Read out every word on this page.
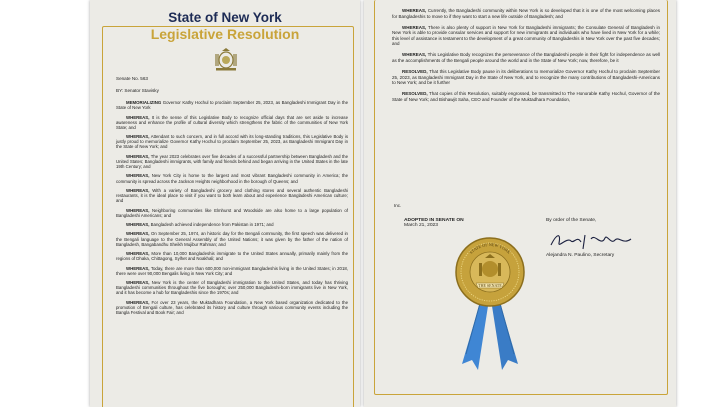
State of New York
Legislative Resolution
Senate No. 563
BY: Senator Stavisky

MEMORIALIZING Governor Kathy Hochul to proclaim September 25, 2023, as Bangladeshi Immigrant Day in the State of New York

WHEREAS, It is the sense of this Legislative Body to recognize official days that are set aside to increase awareness and enhance the profile of cultural diversity which strengthens the fabric of the communities of New York State; and

WHEREAS, Attendant to such concern, and in full accord with its long-standing traditions, this Legislative Body is justly proud to memorialize Governor Kathy Hochul to proclaim September 25, 2023, as Bangladeshi Immigrant Day in the State of New York; and

WHEREAS, The year 2023 celebrates over five decades of a successful partnership between Bangladesh and the United States; Bangladeshi immigrants, with family and friends behind and began arriving in the United States in the late 19th Century; and

WHEREAS, New York City is home to the largest and most vibrant Bangladeshi community in America; the community is spread across the Jackson Heights neighborhood in the borough of Queens; and

WHEREAS, With a variety of Bangladeshi grocery and clothing stores and several authentic Bangladeshi restaurants, it is the ideal place to visit if you want to both learn about and experience Bangladeshi American culture; and

WHEREAS, Neighboring communities like Elmhurst and Woodside are also home to a large population of Bangladeshi Americans; and

WHEREAS, Bangladesh achieved independence from Pakistan in 1971; and

WHEREAS, On September 25, 1974, an historic day for the Bengali community, the first speech was delivered in the Bengali language to the General Assembly of the United Nations; it was given by the father of the nation of Bangladesh, Bangabandhu Sheikh Mujibur Rahman; and

WHEREAS, More than 10,000 Bangladeshis immigrate to the United States annually, primarily mainly from the regions of Dhaka, Chittagong, Sylhet and Noakhali; and

WHEREAS, Today, there are more than 600,000 non-immigrant Bangladeshis living in the United States; in 2018, there were over 90,000 Bengalis living in New York City; and

WHEREAS, New York is the center of Bangladeshi immigration to the United States, and today has thriving Bangladeshi communities throughout the five boroughs; over 250,000 Bangladeshi-born immigrants live in New York, and it has become a hub for Bangladeshis since the 1970s; and

WHEREAS, For over 23 years, the Muktadhara Foundation, a New York based organization dedicated to the promotion of Bengali culture, has celebrated its history and culture through various community events including the Bangla Festival and Book Fair; and

WHEREAS, Currently, the Bangladeshi community within New York is so developed that it is one of the most welcoming places for Bangladeshis to move to if they want to start a new life outside of Bangladesh; and

WHEREAS, There is also plenty of support in New York for Bangladeshi immigrants; the Consulate General of Bangladesh in New York is able to provide consular services and support for new immigrants and individuals who have lived in New York for a while; this level of assistance is testament to the development of a great community of Bangladeshis in New York over the past five decades; and

WHEREAS, This Legislative Body recognizes the perseverance of the Bangladeshi people in their fight for independence as well as the accomplishments of the Bengali people around the world and in the State of New York; now, therefore, be it

RESOLVED, That this Legislative Body pause in its deliberations to memorialize Governor Kathy Hochul to proclaim September 25, 2023, as Bangladeshi Immigrant Day in the State of New York, and to recognize the many contributions of Bangladeshi-Americans to New York; and be it further

RESOLVED, That copies of this Resolution, suitably engrossed, be transmitted to The Honorable Kathy Hochul, Governor of the State of New York; and Bishawjit Saha, CEO and Founder of the Muktadhara Foundation,

Inc.
ADOPTED IN SENATE ON
March 21, 2023
By order of the Senate,
Alejandra N. Paulino, Secretary
THE SENATE
STATE OF NEW YORK
